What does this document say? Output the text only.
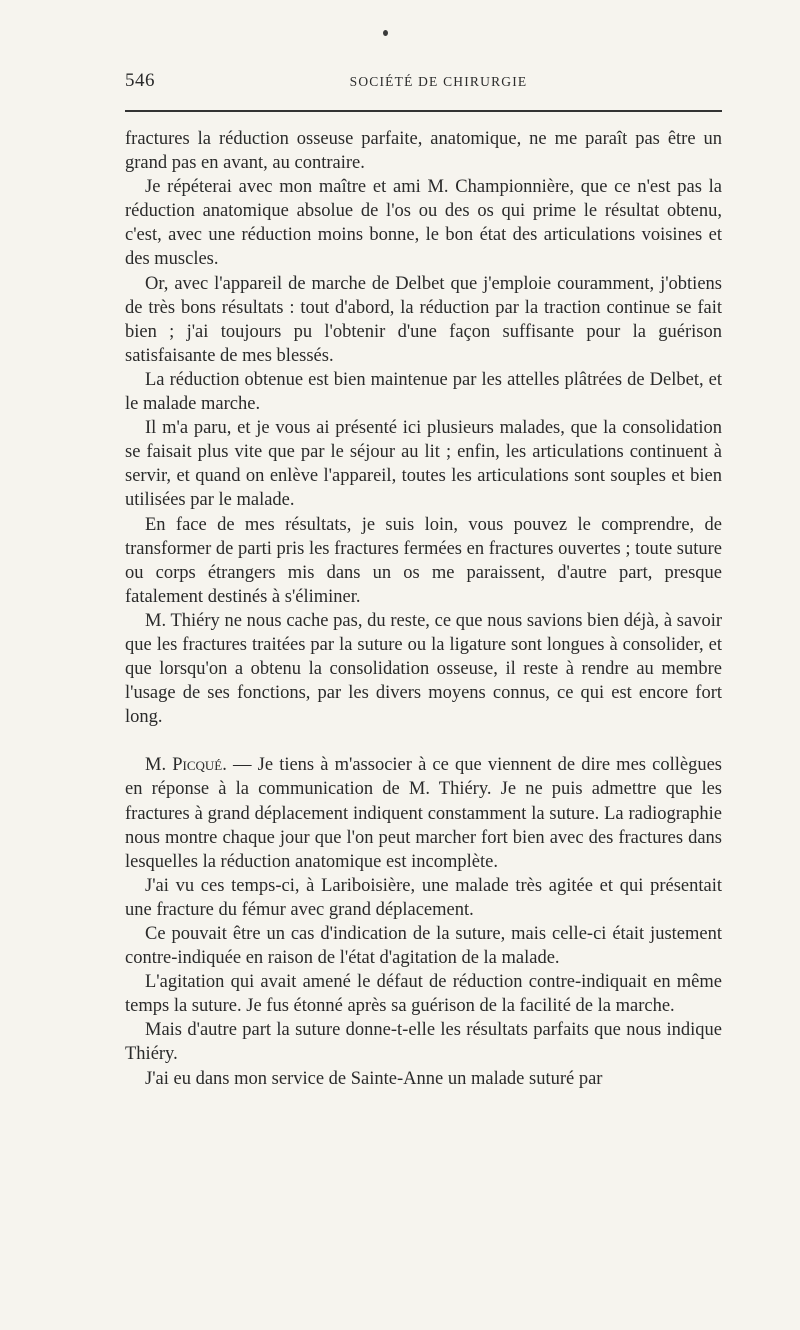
546	SOCIÉTÉ DE CHIRURGIE

fractures la réduction osseuse parfaite, anatomique, ne me paraît pas être un grand pas en avant, au contraire.

Je répéterai avec mon maître et ami M. Championnière, que ce n'est pas la réduction anatomique absolue de l'os ou des os qui prime le résultat obtenu, c'est, avec une réduction moins bonne, le bon état des articulations voisines et des muscles.

Or, avec l'appareil de marche de Delbet que j'emploie couramment, j'obtiens de très bons résultats : tout d'abord, la réduction par la traction continue se fait bien ; j'ai toujours pu l'obtenir d'une façon suffisante pour la guérison satisfaisante de mes blessés.

La réduction obtenue est bien maintenue par les attelles plâtrées de Delbet, et le malade marche.

Il m'a paru, et je vous ai présenté ici plusieurs malades, que la consolidation se faisait plus vite que par le séjour au lit ; enfin, les articulations continuent à servir, et quand on enlève l'appareil, toutes les articulations sont souples et bien utilisées par le malade.

En face de mes résultats, je suis loin, vous pouvez le comprendre, de transformer de parti pris les fractures fermées en fractures ouvertes ; toute suture ou corps étrangers mis dans un os me paraissent, d'autre part, presque fatalement destinés à s'éliminer.

M. Thiéry ne nous cache pas, du reste, ce que nous savions bien déjà, à savoir que les fractures traitées par la suture ou la ligature sont longues à consolider, et que lorsqu'on a obtenu la consolidation osseuse, il reste à rendre au membre l'usage de ses fonctions, par les divers moyens connus, ce qui est encore fort long.

M. Picqué. — Je tiens à m'associer à ce que viennent de dire mes collègues en réponse à la communication de M. Thiéry. Je ne puis admettre que les fractures à grand déplacement indiquent constamment la suture. La radiographie nous montre chaque jour que l'on peut marcher fort bien avec des fractures dans lesquelles la réduction anatomique est incomplète.

J'ai vu ces temps-ci, à Lariboisière, une malade très agitée et qui présentait une fracture du fémur avec grand déplacement.

Ce pouvait être un cas d'indication de la suture, mais celle-ci était justement contre-indiquée en raison de l'état d'agitation de la malade.

L'agitation qui avait amené le défaut de réduction contre-indiquait en même temps la suture. Je fus étonné après sa guérison de la facilité de la marche.

Mais d'autre part la suture donne-t-elle les résultats parfaits que nous indique Thiéry.

J'ai eu dans mon service de Sainte-Anne un malade suturé par
